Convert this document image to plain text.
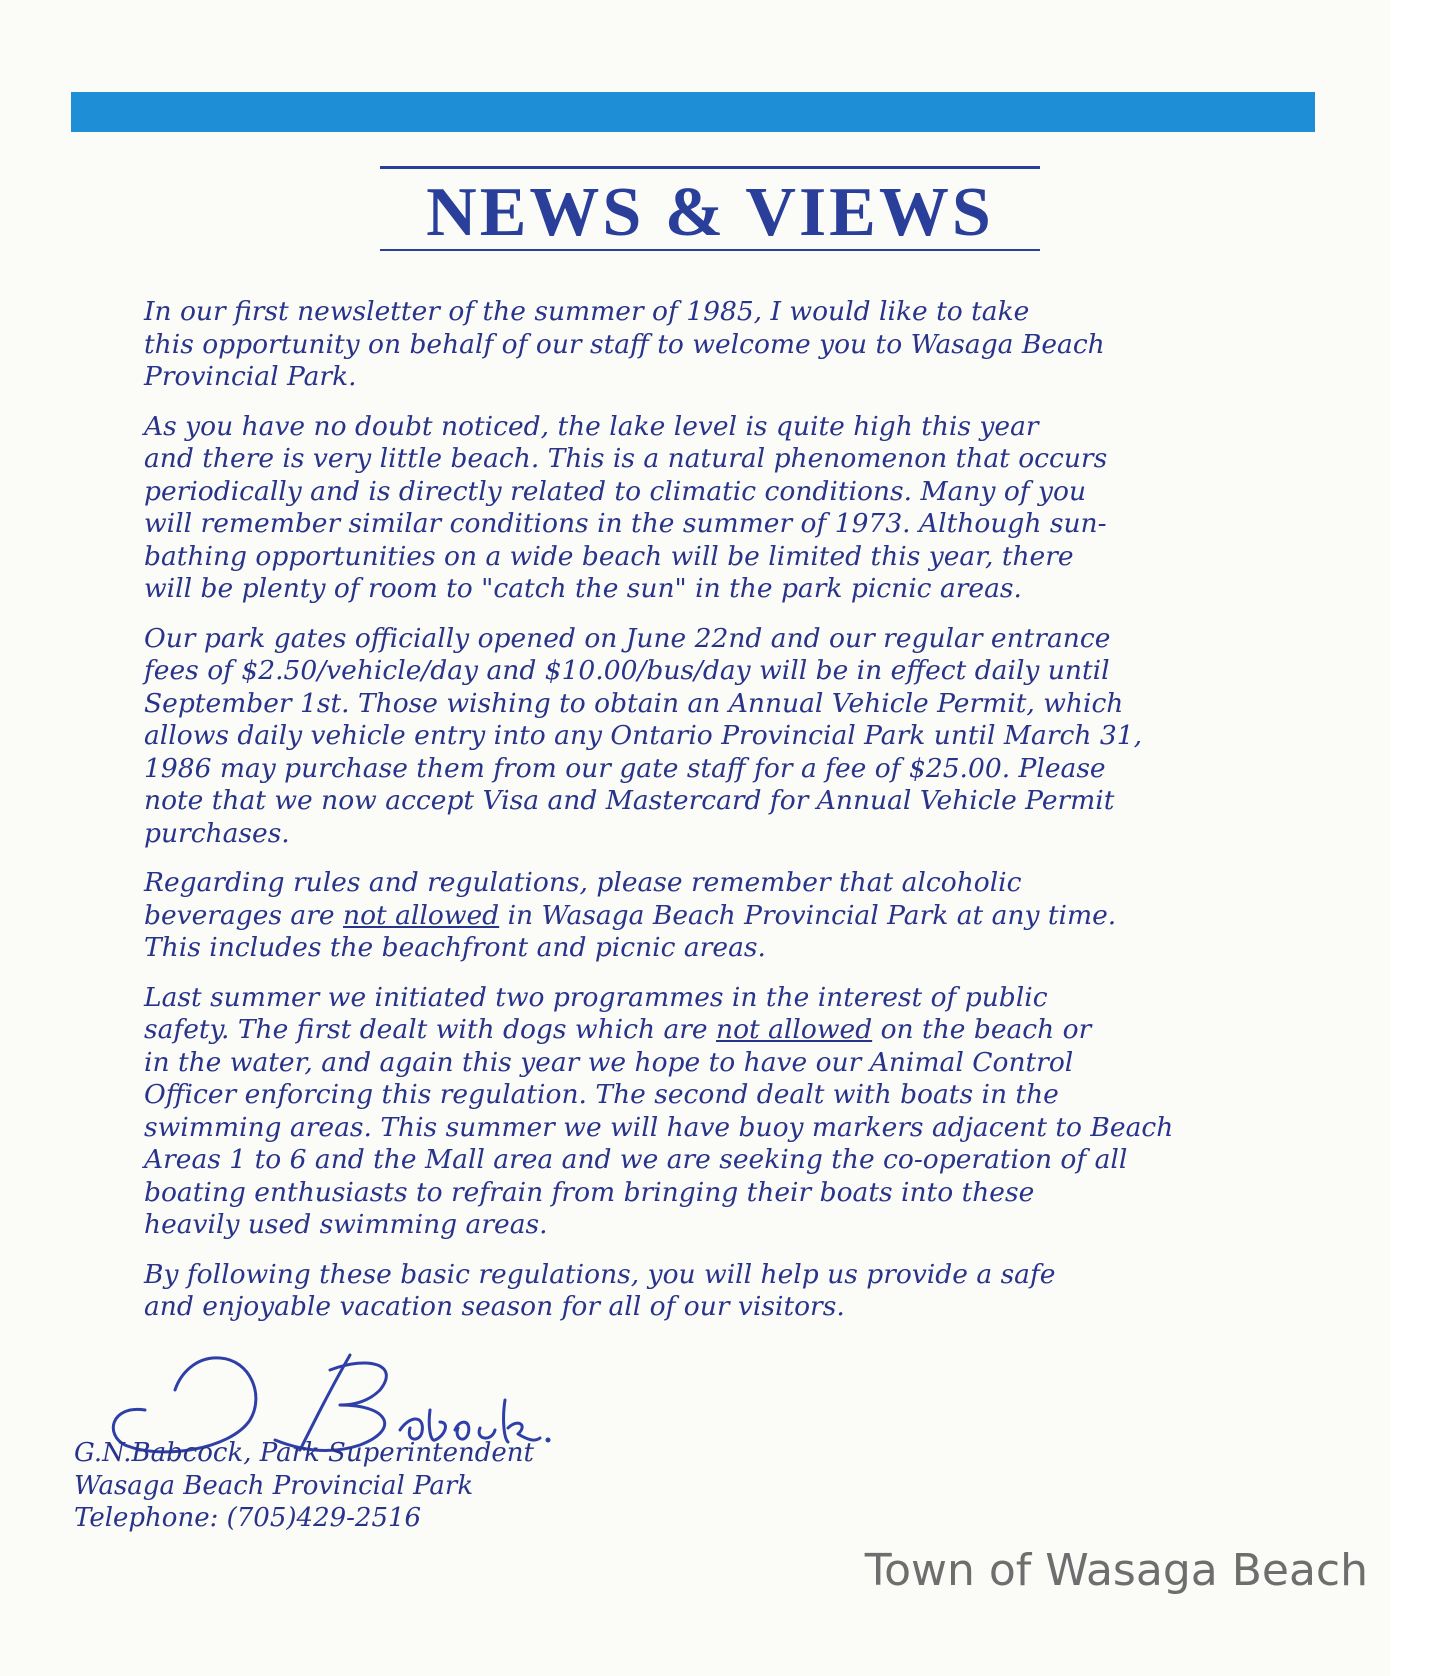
NEWS & VIEWS

In our first newsletter of the summer of 1985, I would like to take
this opportunity on behalf of our staff to welcome you to Wasaga Beach
Provincial Park.

As you have no doubt noticed, the lake level is quite high this year
and there is very little beach. This is a natural phenomenon that occurs
periodically and is directly related to climatic conditions. Many of you
will remember similar conditions in the summer of 1973. Although sun-
bathing opportunities on a wide beach will be limited this year, there
will be plenty of room to "catch the sun" in the park picnic areas.

Our park gates officially opened on June 22nd and our regular entrance
fees of $2.50/vehicle/day and $10.00/bus/day will be in effect daily until
September 1st. Those wishing to obtain an Annual Vehicle Permit, which
allows daily vehicle entry into any Ontario Provincial Park until March 31,
1986 may purchase them from our gate staff for a fee of $25.00. Please
note that we now accept Visa and Mastercard for Annual Vehicle Permit
purchases.

Regarding rules and regulations, please remember that alcoholic
beverages are not allowed in Wasaga Beach Provincial Park at any time.
This includes the beachfront and picnic areas.

Last summer we initiated two programmes in the interest of public
safety. The first dealt with dogs which are not allowed on the beach or
in the water, and again this year we hope to have our Animal Control
Officer enforcing this regulation. The second dealt with boats in the
swimming areas. This summer we will have buoy markers adjacent to Beach
Areas 1 to 6 and the Mall area and we are seeking the co-operation of all
boating enthusiasts to refrain from bringing their boats into these
heavily used swimming areas.

By following these basic regulations, you will help us provide a safe
and enjoyable vacation season for all of our visitors.

G.N.Babcock, Park Superintendent
Wasaga Beach Provincial Park
Telephone: (705)429-2516
Town of Wasaga Beach
